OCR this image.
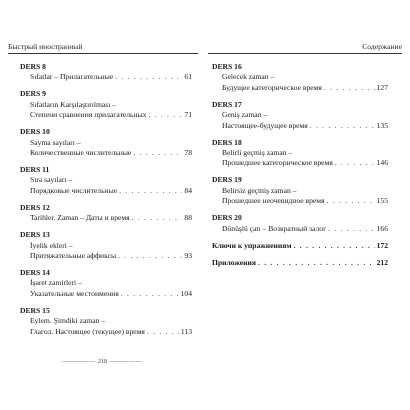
Быстрый иностранный	Содержание
DERS 8
Sıfatlar – Прилагательные . . .	61
DERS 9
Sıfatların Karşılaştırılması –
Степени сравнения прилагательных . . .	71
DERS 10
Sayma sayıları –
Количественные числительные . . .	78
DERS 11
Sıra sayıları –
Порядковые числительные . . .	84
DERS 12
Tarihler. Zaman – Даты и время . . .	88
DERS 13
İyelik ekleri –
Притяжательные аффиксы . . .	93
DERS 14
İşaret zamirleri –
Указательные местоимения . . .	104
DERS 15
Eylem. Şimdiki zaman –
Глагол. Настоящее (текущее) время . . .	113
DERS 16
Gelecek zaman –
Будущее категорическое время . . .	127
DERS 17
Geniş zaman –
Настоящее-будущее время . . .	135
DERS 18
Belirli geçmiş zaman –
Прошедшее категорическое время . . .	146
DERS 19
Belirsiz geçmiş zaman –
Прошедшее неочевидное время . . .	155
DERS 20
Dönüşlü çatı – Возвратный залог . . .	166
Ключи к упражнениям . . .	172
Приложения . . .	212
――――― 218 ―――――
